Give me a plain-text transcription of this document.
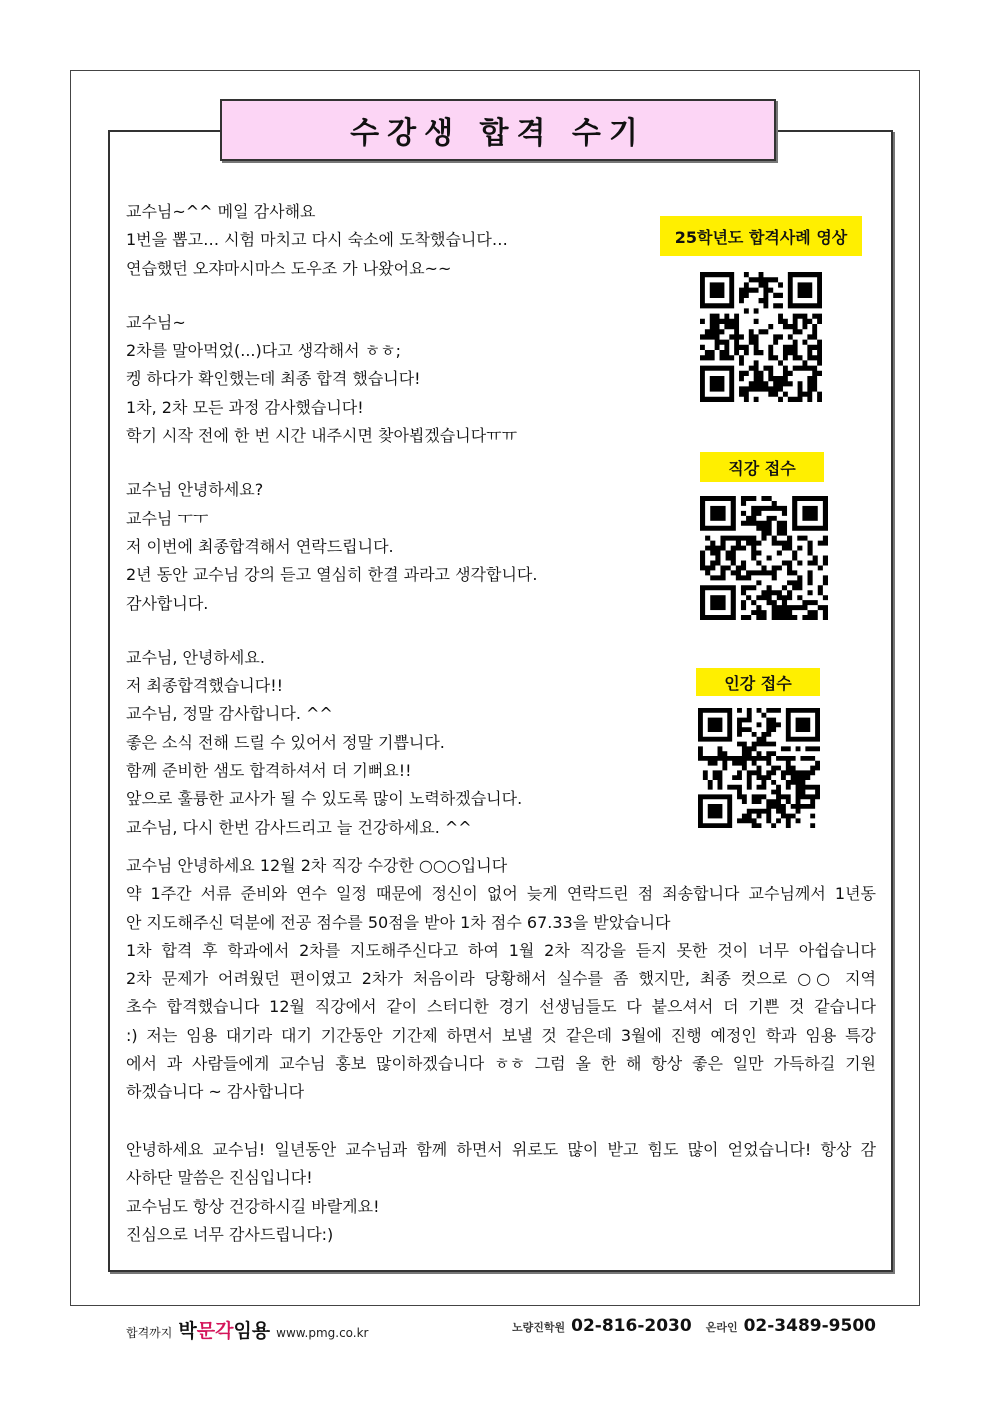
수강생 합격 수기
교수님~^^ 메일 감사해요
1번을 뽑고… 시험 마치고 다시 숙소에 도착했습니다…
연습했던 오쟈마시마스 도우조 가 나왔어요~~
교수님~
2차를 말아먹었(...)다고 생각해서 ㅎㅎ;
켕 하다가 확인했는데 최종 합격 했습니다!
1차, 2차 모든 과정 감사했습니다!
학기 시작 전에 한 번 시간 내주시면 찾아뵙겠습니다ㅠㅠ
교수님 안녕하세요?
교수님 ㅜㅜ
저 이번에 최종합격해서 연락드립니다.
2년 동안 교수님 강의 듣고 열심히 한결 과라고 생각합니다.
감사합니다.
교수님, 안녕하세요.
저 최종합격했습니다!!
교수님, 정말 감사합니다. ^^
좋은 소식 전해 드릴 수 있어서 정말 기쁩니다.
함께 준비한 샘도 합격하셔서 더 기뻐요!!
앞으로 훌륭한 교사가 될 수 있도록 많이 노력하겠습니다.
교수님, 다시 한번 감사드리고 늘 건강하세요. ^^
교수님 안녕하세요 12월 2차 직강 수강한 ○○○입니다
약 1주간 서류 준비와 연수 일정 때문에 정신이 없어 늦게 연락드린 점 죄송합니다 교수님께서 1년동
안 지도해주신 덕분에 전공 점수를 50점을 받아 1차 점수 67.33을 받았습니다
1차 합격 후 학과에서 2차를 지도해주신다고 하여 1월 2차 직강을 듣지 못한 것이 너무 아쉽습니다
2차 문제가 어려웠던 편이였고 2차가 처음이라 당황해서 실수를 좀 했지만, 최종 컷으로 ○○ 지역
초수 합격했습니다 12월 직강에서 같이 스터디한 경기 선생님들도 다 붙으셔서 더 기쁜 것 같습니다
:) 저는 임용 대기라 대기 기간동안 기간제 하면서 보낼 것 같은데 3월에 진행 예정인 학과 임용 특강
에서 과 사람들에게 교수님 홍보 많이하겠습니다 ㅎㅎ 그럼 올 한 해 항상 좋은 일만 가득하길 기원
하겠습니다 ~ 감사합니다
안녕하세요 교수님! 일년동안 교수님과 함께 하면서 위로도 많이 받고 힘도 많이 얻었습니다! 항상 감
사하단 말씀은 진심입니다!
교수님도 항상 건강하시길 바랄게요!
진심으로 너무 감사드립니다:)
25학년도 합격사례 영상
직강 접수
인강 접수
합격까지 박문각임용 www.pmg.co.kr	노량진학원 02-816-2030 온라인 02-3489-9500
